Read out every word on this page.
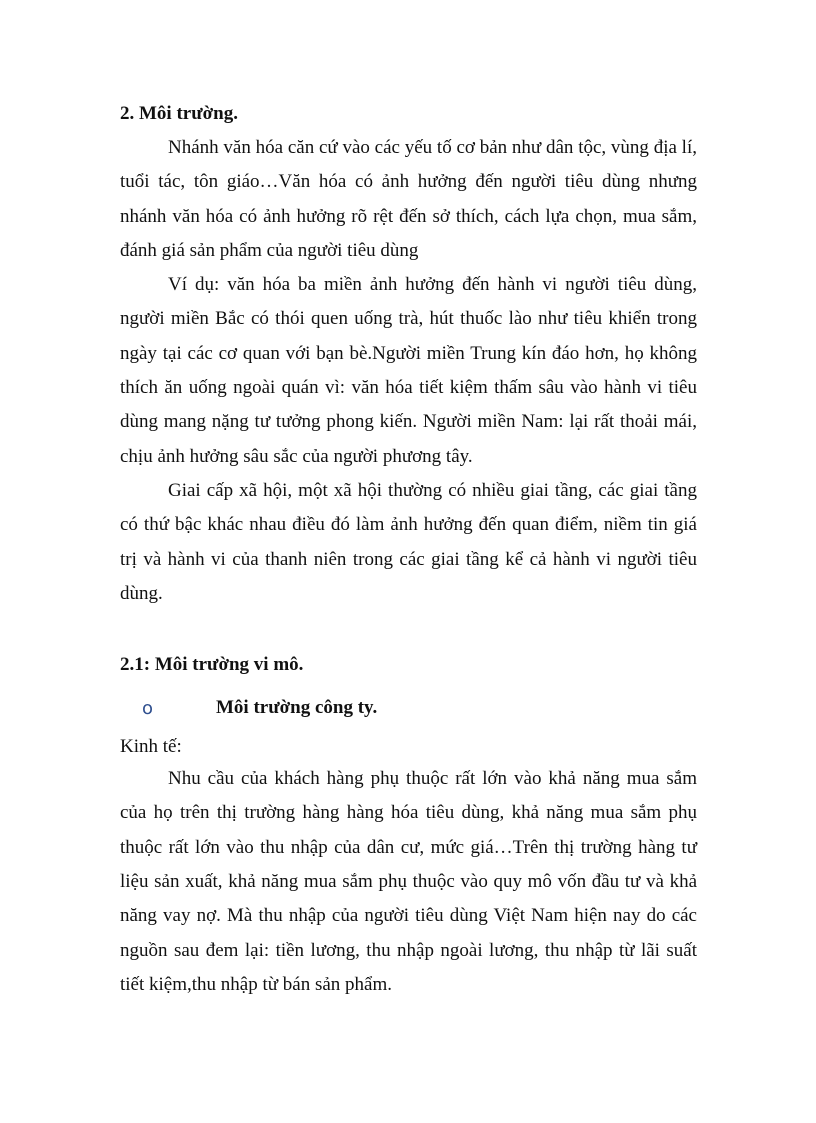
2. Môi trường.

Nhánh văn hóa căn cứ vào các yếu tố cơ bản như dân tộc, vùng địa lí, tuổi tác, tôn giáo…Văn hóa có ảnh hưởng đến người tiêu dùng nhưng nhánh văn hóa có ảnh hưởng rõ rệt đến sở thích, cách lựa chọn, mua sắm, đánh giá sản phẩm của người tiêu dùng

Ví dụ: văn hóa ba miền ảnh hưởng đến hành vi người tiêu dùng, người miền Bắc có thói quen uống trà, hút thuốc lào như tiêu khiển trong ngày tại các cơ quan với bạn bè.Người miền Trung kín đáo hơn, họ không thích ăn uống ngoài quán vì: văn hóa tiết kiệm thấm sâu vào hành vi tiêu dùng mang nặng tư tưởng phong kiến. Người miền Nam: lại rất thoải mái, chịu ảnh hưởng sâu sắc của người phương tây.

Giai cấp xã hội, một xã hội thường có nhiều giai tầng, các giai tầng có thứ bậc khác nhau điều đó làm ảnh hưởng đến quan điểm, niềm tin giá trị và hành vi của thanh niên trong các giai tầng kể cả hành vi người tiêu dùng.

2.1: Môi trường vi mô.

o	Môi trường công ty.

Kinh tế:

Nhu cầu của khách hàng phụ thuộc rất lớn vào khả năng mua sắm của họ trên thị trường hàng hàng hóa tiêu dùng, khả năng mua sắm phụ thuộc rất lớn vào thu nhập của dân cư, mức giá…Trên thị trường hàng tư liệu sản xuất, khả năng mua sắm phụ thuộc vào quy mô vốn đầu tư và khả năng vay nợ. Mà thu nhập của người tiêu dùng Việt Nam hiện nay do các nguồn sau đem lại: tiền lương, thu nhập ngoài lương, thu nhập từ lãi suất tiết kiệm,thu nhập từ bán sản phẩm.
